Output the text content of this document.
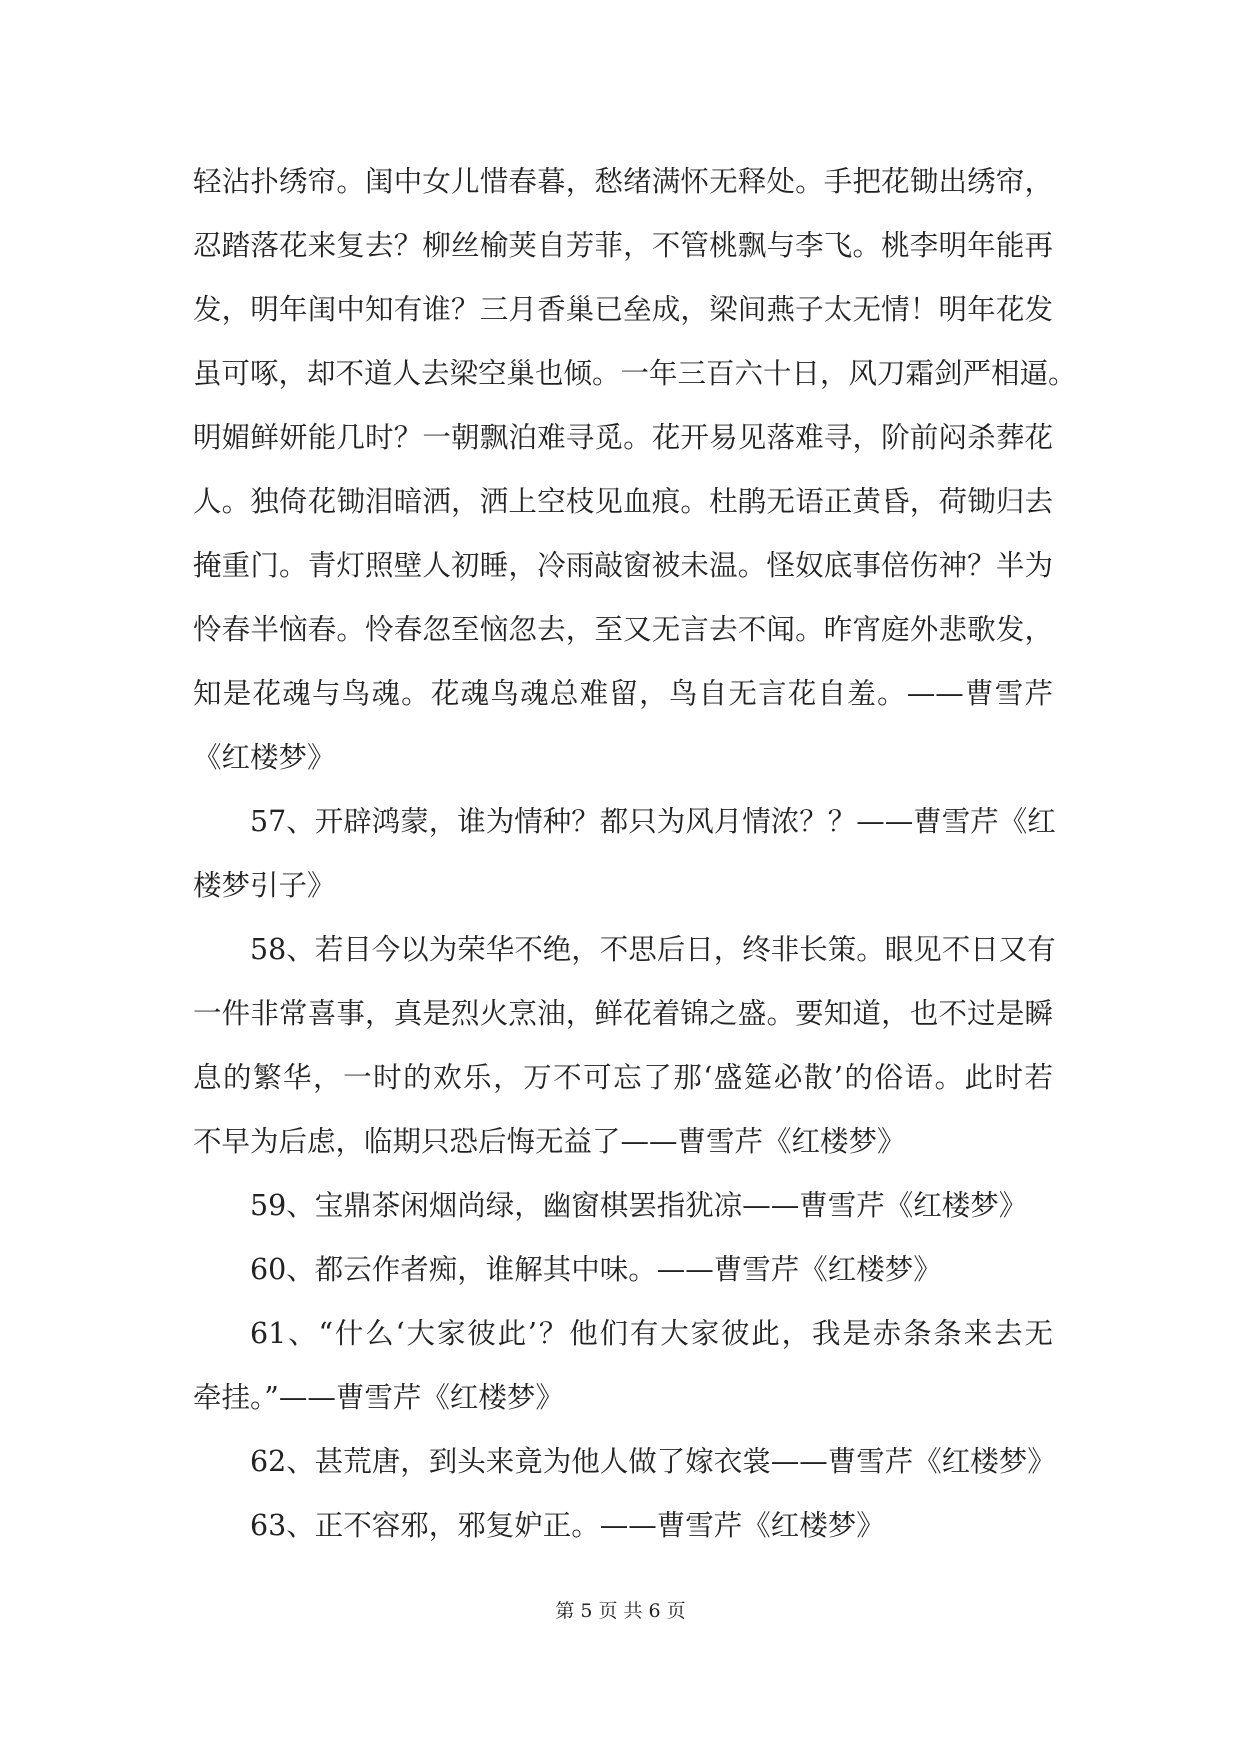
轻沾扑绣帘。闺中女儿惜春暮，愁绪满怀无释处。手把花锄出绣帘，
忍踏落花来复去？柳丝榆荚自芳菲，不管桃飘与李飞。桃李明年能再
发，明年闺中知有谁？三月香巢已垒成，梁间燕子太无情！明年花发
虽可啄，却不道人去梁空巢也倾。一年三百六十日，风刀霜剑严相逼。
明媚鲜妍能几时？一朝飘泊难寻觅。花开易见落难寻，阶前闷杀葬花
人。独倚花锄泪暗洒，洒上空枝见血痕。杜鹃无语正黄昏，荷锄归去
掩重门。青灯照壁人初睡，冷雨敲窗被未温。怪奴底事倍伤神？半为
怜春半恼春。怜春忽至恼忽去，至又无言去不闻。昨宵庭外悲歌发，
知是花魂与鸟魂。花魂鸟魂总难留，鸟自无言花自羞。——曹雪芹
《红楼梦》
57、开辟鸿蒙，谁为情种？都只为风月情浓？？——曹雪芹《红
楼梦引子》
58、若目今以为荣华不绝，不思后日，终非长策。眼见不日又有
一件非常喜事，真是烈火烹油，鲜花着锦之盛。要知道，也不过是瞬
息的繁华，一时的欢乐，万不可忘了那‘盛筵必散’的俗语。此时若
不早为后虑，临期只恐后悔无益了——曹雪芹《红楼梦》
59、宝鼎茶闲烟尚绿，幽窗棋罢指犹凉——曹雪芹《红楼梦》
60、都云作者痴，谁解其中味。——曹雪芹《红楼梦》
61、“什么‘大家彼此’？他们有大家彼此，我是赤条条来去无
牵挂。”——曹雪芹《红楼梦》
62、甚荒唐，到头来竟为他人做了嫁衣裳——曹雪芹《红楼梦》
63、正不容邪，邪复妒正。——曹雪芹《红楼梦》
第 5 页 共 6 页
